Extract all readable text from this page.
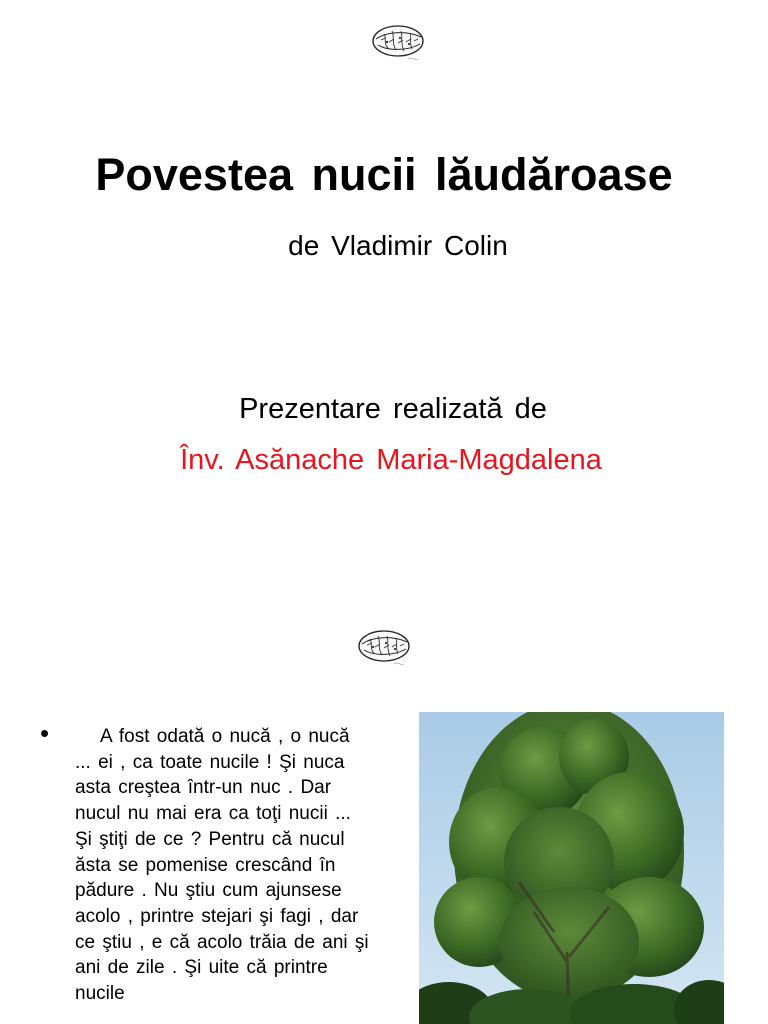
Povestea nucii lăudăroase

de Vladimir Colin

Prezentare realizată de

Înv. Asănache Maria-Magdalena

•	A fost odată o nucă , o nucă ... ei , ca toate nucile ! Şi nuca asta creştea într-un nuc . Dar nucul nu mai era ca toţi nucii ... Şi ştiţi de ce ? Pentru că nucul ăsta se pomenise crescând în pădure . Nu ştiu cum ajunsese acolo , printre stejari şi fagi , dar ce ştiu , e că acolo trăia de ani şi ani de zile . Şi uite că printre nucile
